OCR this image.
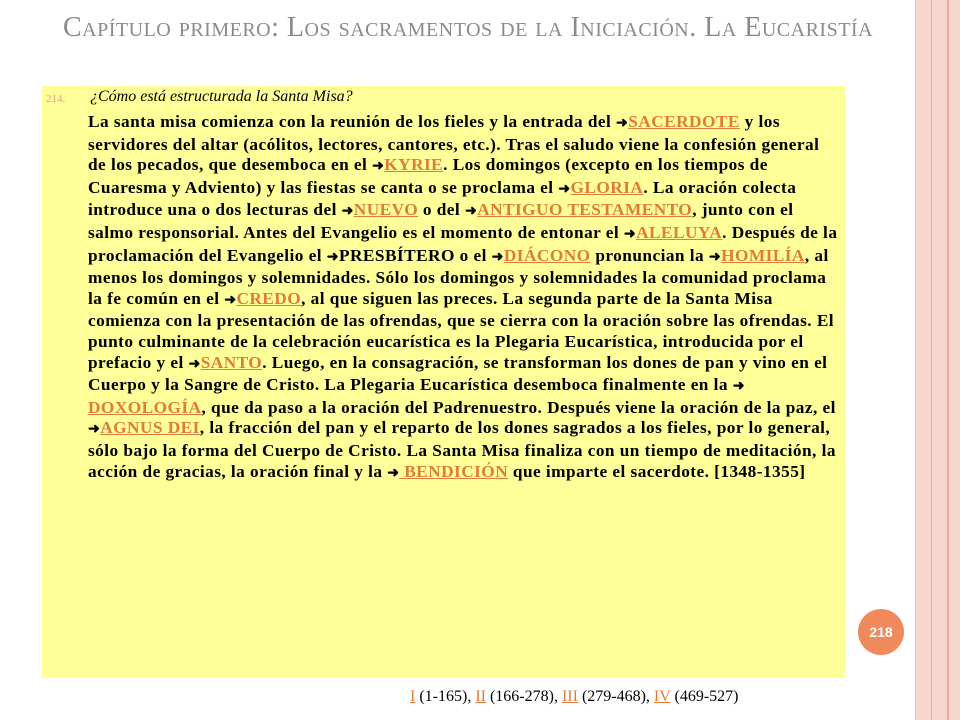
Capítulo primero: Los sacramentos de la Iniciación. La Eucaristía
214. ¿Cómo está estructurada la Santa Misa?
La santa misa comienza con la reunión de los fieles y la entrada del ➜SACERDOTE y los servidores del altar (acólitos, lectores, cantores, etc.). Tras el saludo viene la confesión general de los pecados, que desemboca en el ➜KYRIE. Los domingos (excepto en los tiempos de Cuaresma y Adviento) y las fiestas se canta o se proclama el ➜GLORIA. La oración colecta introduce una o dos lecturas del ➜NUEVO o del ➜ANTIGUO TESTAMENTO, junto con el salmo responsorial. Antes del Evangelio es el momento de entonar el ➜ALELUYA. Después de la proclamación del Evangelio el ➜PRESBÍTERO o el ➜DIÁCONO pronuncian la ➜HOMILÍA, al menos los domingos y solemnidades. Sólo los domingos y solemnidades la comunidad proclama la fe común en el ➜CREDO, al que siguen las preces. La segunda parte de la Santa Misa comienza con la presentación de las ofrendas, que se cierra con la oración sobre las ofrendas. El punto culminante de la celebración eucarística es la Plegaria Eucarística, introducida por el prefacio y el ➜SANTO. Luego, en la consagración, se transforman los dones de pan y vino en el Cuerpo y la Sangre de Cristo. La Plegaria Eucarística desemboca finalmente en la ➜DOXOLOGÍA, que da paso a la oración del Padrenuestro. Después viene la oración de la paz, el ➜AGNUS DEI, la fracción del pan y el reparto de los dones sagrados a los fieles, por lo general, sólo bajo la forma del Cuerpo de Cristo. La Santa Misa finaliza con un tiempo de meditación, la acción de gracias, la oración final y la ➜ BENDICIÓN que imparte el sacerdote. [1348-1355]
218
I (1-165), II (166-278), III (279-468), IV (469-527)
